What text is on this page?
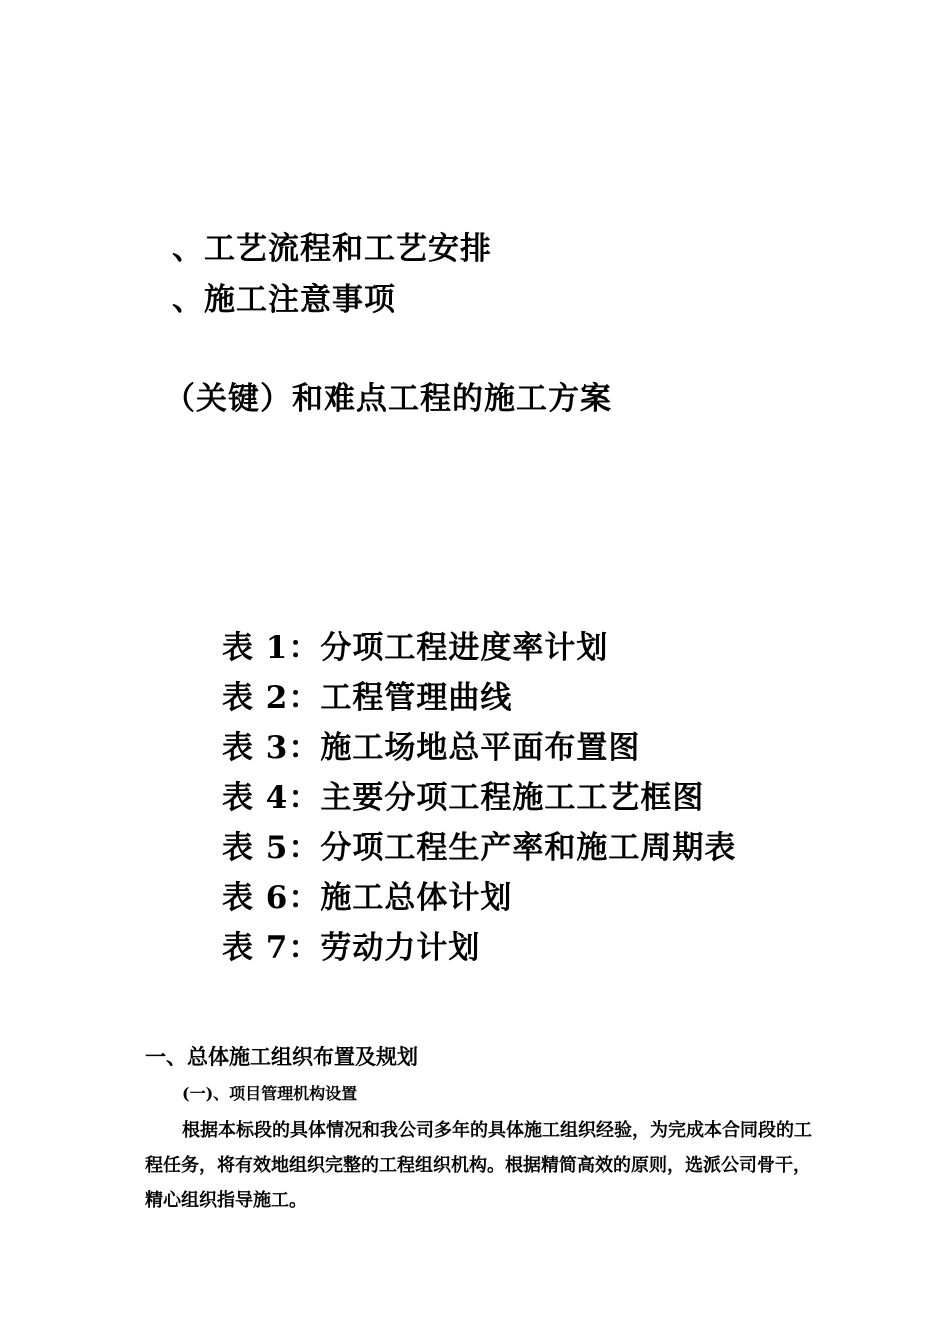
、工艺流程和工艺安排
、施工注意事项
（关键）和难点工程的施工方案
表 1：分项工程进度率计划
表 2：工程管理曲线
表 3：施工场地总平面布置图
表 4：主要分项工程施工工艺框图
表 5：分项工程生产率和施工周期表
表 6：施工总体计划
表 7：劳动力计划
一、总体施工组织布置及规划
(一)、项目管理机构设置
根据本标段的具体情况和我公司多年的具体施工组织经验，为完成本合同段的工
程任务，将有效地组织完整的工程组织机构。根据精简高效的原则，选派公司骨干，
精心组织指导施工。
